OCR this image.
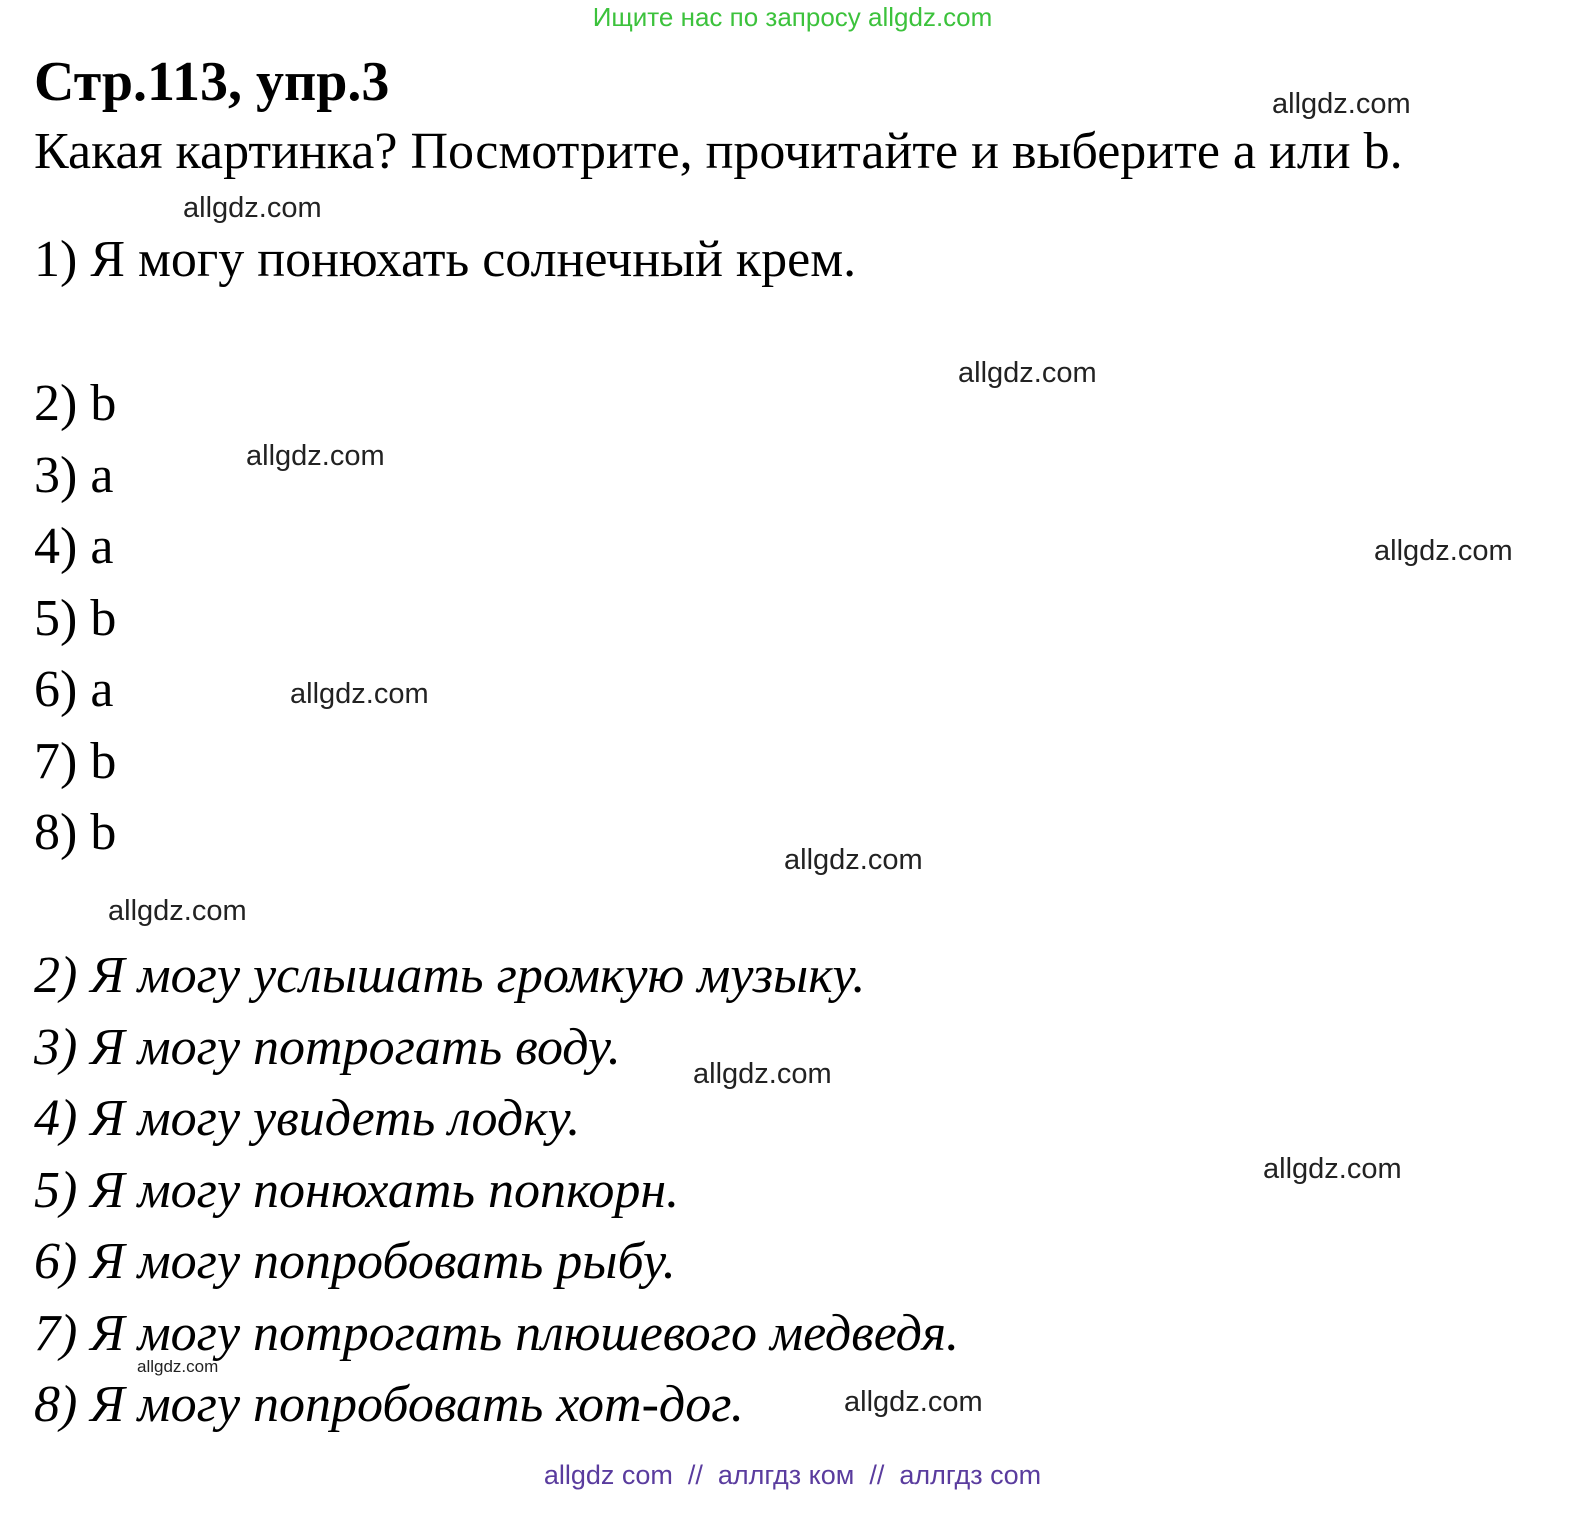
Ищите нас по запросу allgdz.com
Стр.113, упр.3
Какая картинка? Посмотрите, прочитайте и выберите a или b.
1) Я могу понюхать солнечный крем.
2) b
3) a
4) a
5) b
6) a
7) b
8) b
2) Я могу услышать громкую музыку.
3) Я могу потрогать воду.
4) Я могу увидеть лодку.
5) Я могу понюхать попкорн.
6) Я могу попробовать рыбу.
7) Я могу потрогать плюшевого медведя.
8) Я могу попробовать хот-дог.
allgdz.com
allgdz.com
allgdz.com
allgdz.com
allgdz.com
allgdz.com
allgdz.com
allgdz.com
allgdz.com
allgdz.com
allgdz.com
allgdz.com
allgdz com  //  аллгдз ком  //  аллгдз com
